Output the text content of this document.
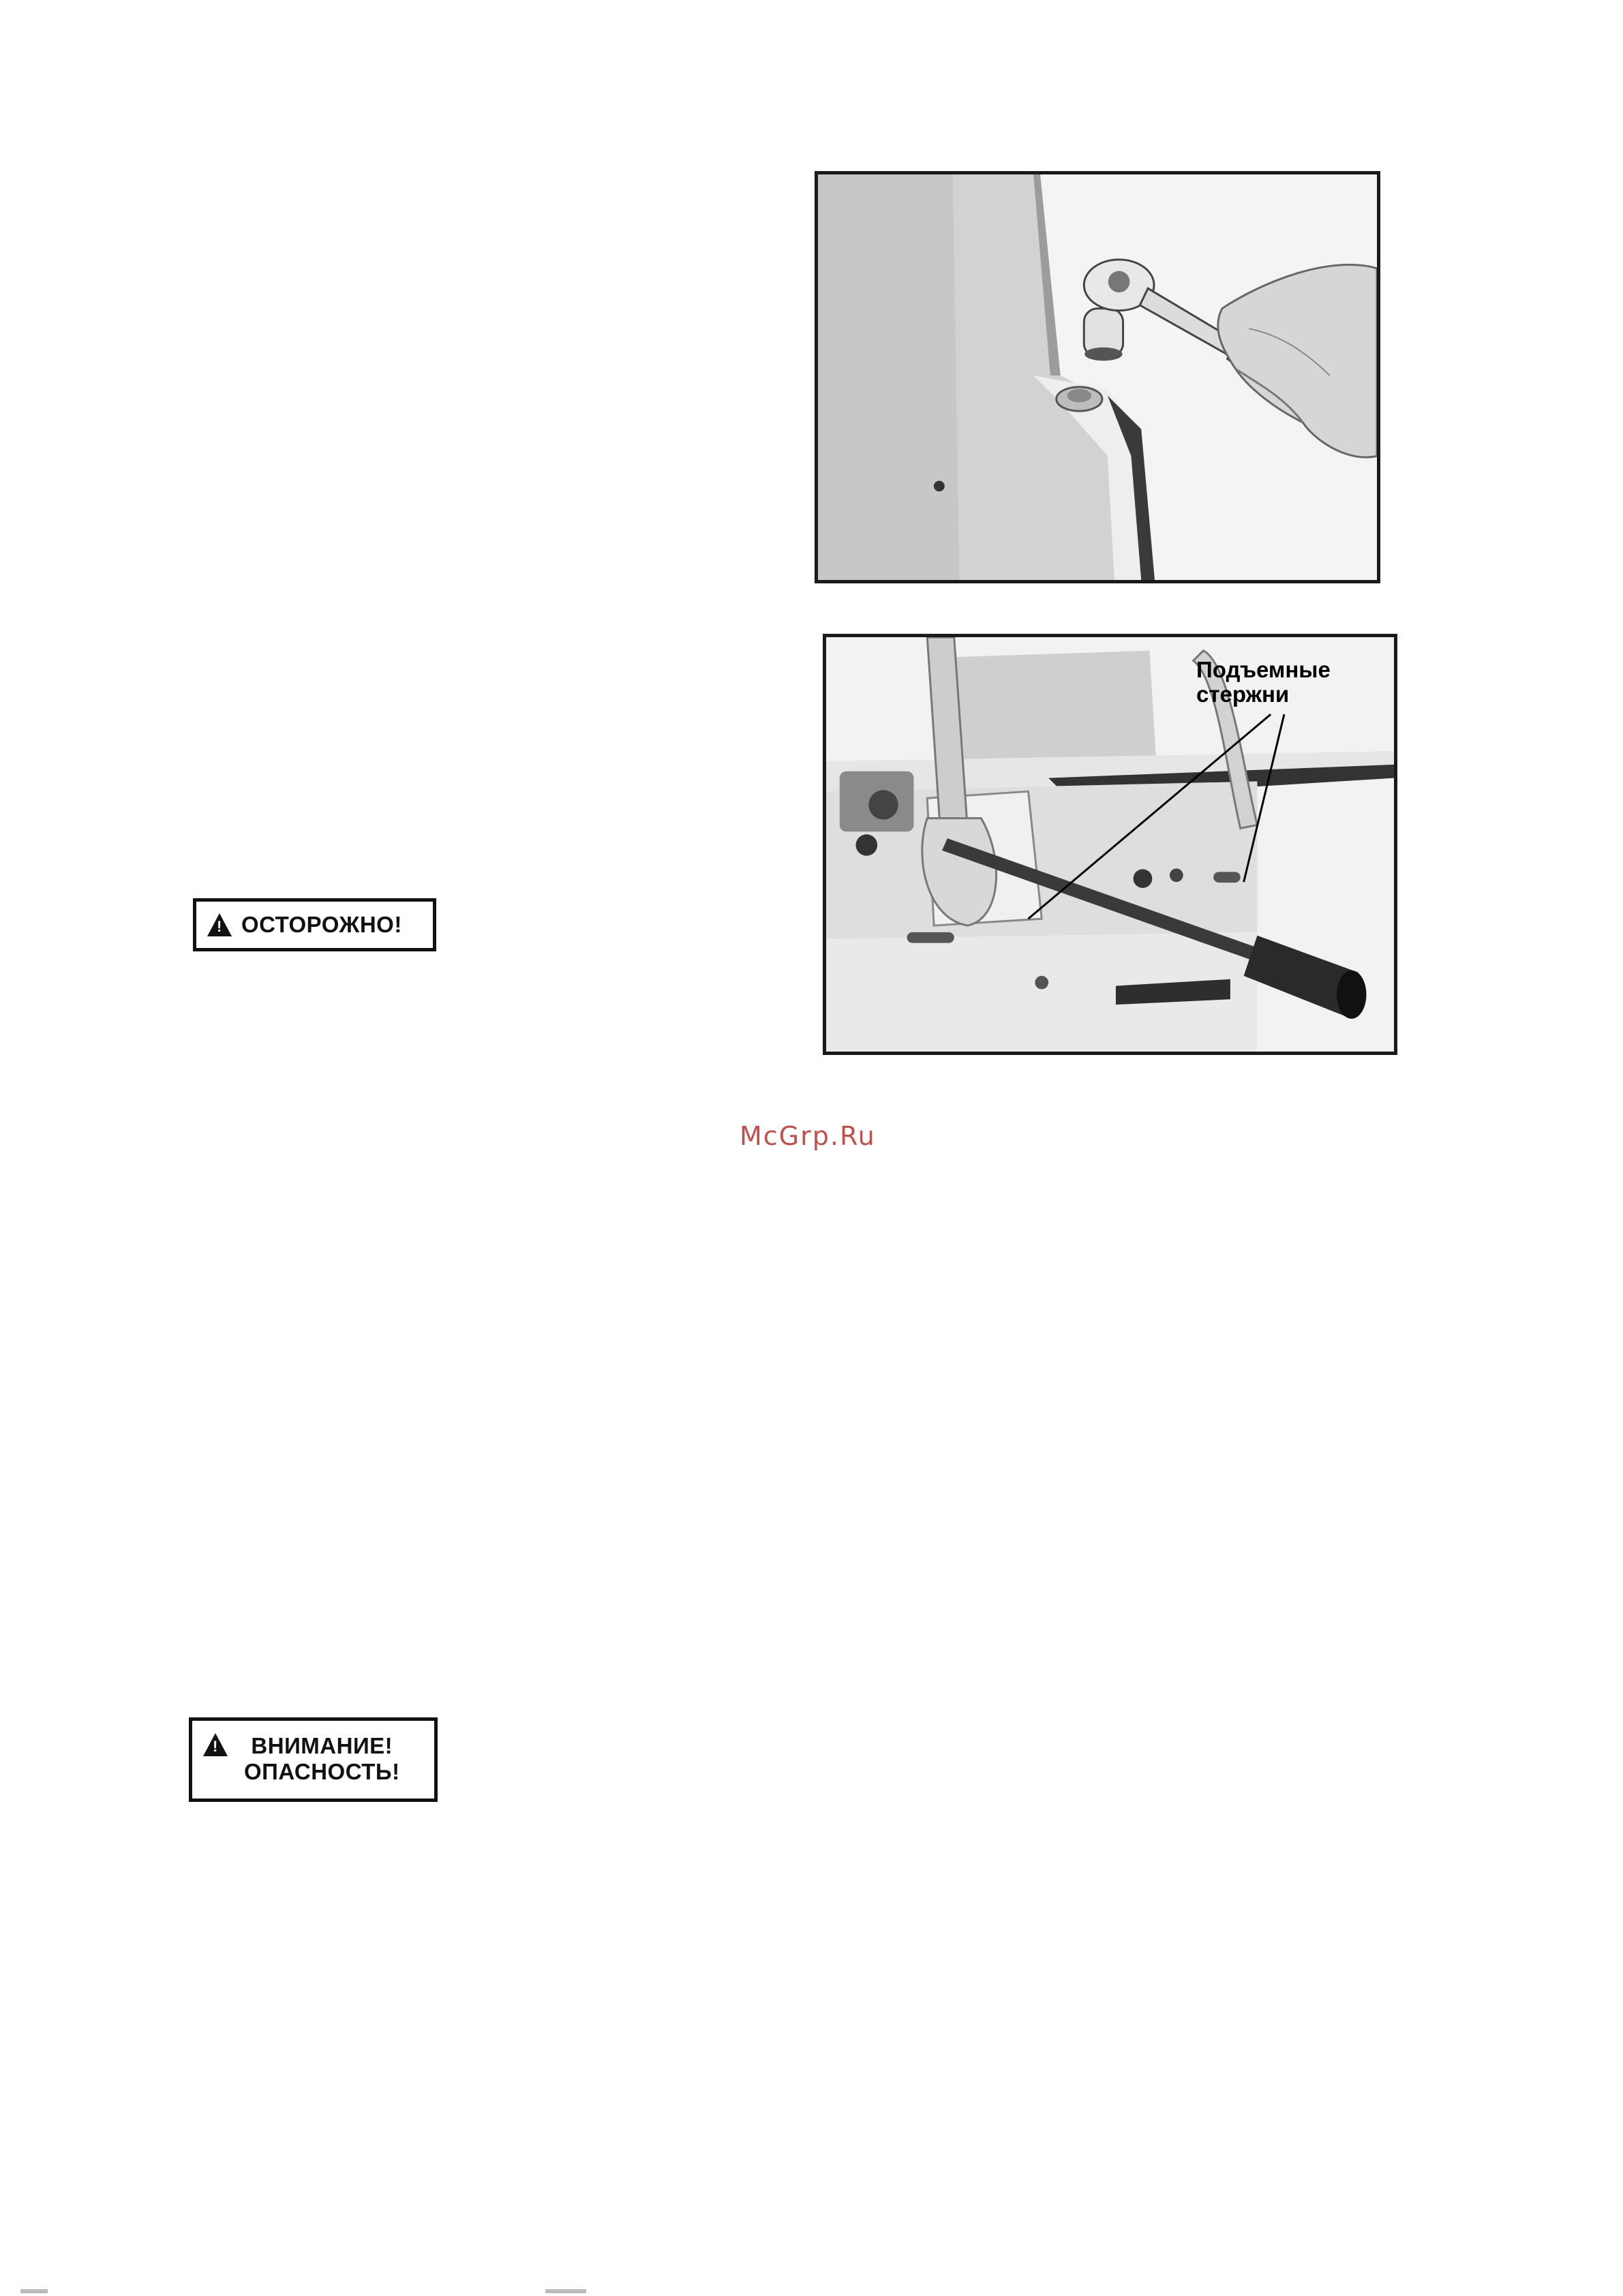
Подъемные
стержни
!
ОСТОРОЖНО!
!
ВНИМАНИЕ!
ОПАСНОСТЬ!
McGrp.Ru
